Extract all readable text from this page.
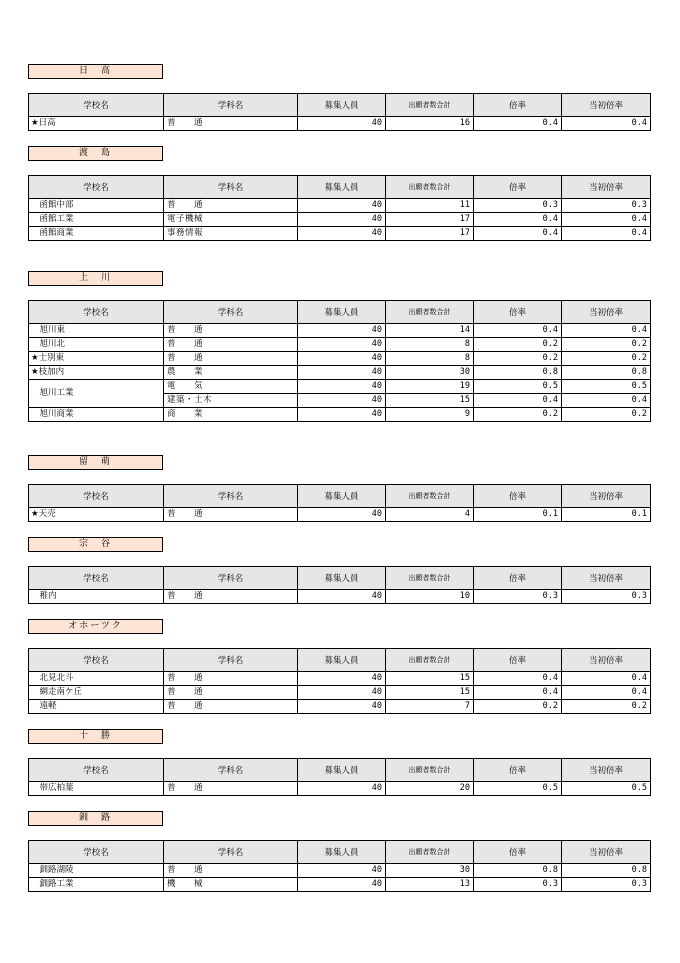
日　高
学校名	学科名	募集人員	出願者数合計	倍率	当初倍率
★日高	普　　通	40	16	0.4	0.4
渡　島
学校名	学科名	募集人員	出願者数合計	倍率	当初倍率
 函館中部	普　　通	40	11	0.3	0.3
 函館工業	電子機械	40	17	0.4	0.4
 函館商業	事務情報	40	17	0.4	0.4
上　川
学校名	学科名	募集人員	出願者数合計	倍率	当初倍率
 旭川東	普　　通	40	14	0.4	0.4
 旭川北	普　　通	40	8	0.2	0.2
★士別東	普　　通	40	8	0.2	0.2
★枝加内	農　　業	40	30	0.8	0.8
 旭川工業	電　　気	40	19	0.5	0.5
	建築・土木	40	15	0.4	0.4
 旭川商業	商　　業	40	9	0.2	0.2
留　萌
学校名	学科名	募集人員	出願者数合計	倍率	当初倍率
★天売	普　　通	40	4	0.1	0.1
宗　谷
学校名	学科名	募集人員	出願者数合計	倍率	当初倍率
 稚内	普　　通	40	10	0.3	0.3
オホーツク
学校名	学科名	募集人員	出願者数合計	倍率	当初倍率
 北見北斗	普　　通	40	15	0.4	0.4
 網走南ケ丘	普　　通	40	15	0.4	0.4
 遠軽	普　　通	40	7	0.2	0.2
十　勝
学校名	学科名	募集人員	出願者数合計	倍率	当初倍率
 帯広柏葉	普　　通	40	20	0.5	0.5
釧　路
学校名	学科名	募集人員	出願者数合計	倍率	当初倍率
 釧路湖陵	普　　通	40	30	0.8	0.8
 釧路工業	機　　械	40	13	0.3	0.3
